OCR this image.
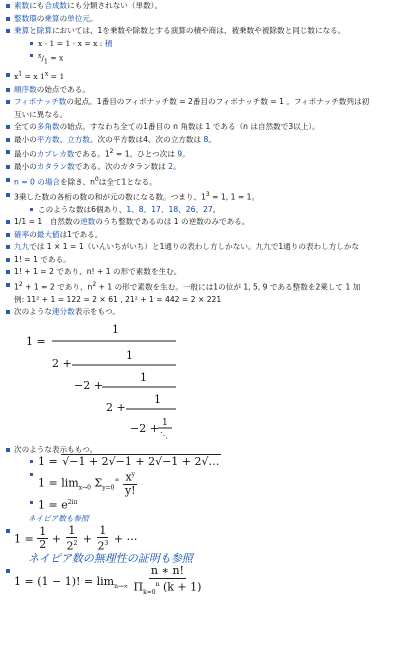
素数にも合成数にも分類されない（単数）。
整数環の乗算の単位元。
乗算と除算においては、1を乗数や除数とする演算の積や商は、被乗数や被除数と同じ数になる。
x · 1 = 1 · x = x : 積
$^x/_1 = x$
$x^1 = x$ $1^x = 1$
順序数の始点である。
フィボナッチ数の起点。1番目のフィボナッチ数 = 2番目のフィボナッチ数 = 1 。フィボナッチ数列は初
互いに異なる。
全ての多角数の始点。すなわち全ての1番目の n 角数は 1 である（n は自然数で3以上）。
最小の平方数、立方数。次の平方数は4、次の立方数は 8。
最小のカプレカ数である。$1^2 = 1$、ひとつ次は 9。
最小のカタラン数である。次のカタラン数は 2。
n = 0 の場合を除き、$n^0$は全て1となる。
3乗した数の各桁の数の和が元の数になる数。つまり、$1^3 = 1$, 1 = 1。
このような数は6個あり、1、8、17、18、26、27。
1/1 = 1　自然数の逆数のうち整数であるのは 1 の逆数のみである。
確率の最大値は1である。
九九では 1 × 1 = 1（いんいちがいち）と1通りの表わし方しかない。九九で1通りの表わし方しかな
1! = 1 である。
1! + 1 = 2 であり、n! + 1 の形で素数を生む。
$1^2 + 1 = 2$ であり、$n^2 + 1$ の形で素数を生む。一般には1の位が 1, 5, 9 である整数を2乗して 1 加
例: 11² + 1 = 122 = 2 × 61 , 21² + 1 = 442 = 2 × 221
次のような連分数表示をもつ。
1 =
1
2 +
1
−2 +
1
2 +
1
−2 + 1
⋱
次のような表示ももつ。
1 = √−1 + 2√−1 + 2√−1 + 2√…
$1 = \lim_{x\to 0} \Sigma_{y=0}^\infty \frac{x^y}{y!}$
$1 = e^{2i\pi}$
ネイピア数も参照
$1 = \frac{1}{2} + \frac{1}{2^2} + \frac{1}{2^3}$ + ⋯
ネイピア数の無理性の証明も参照
1 = (1 − 1)! = $\lim_{n\to\infty} \frac{n ∗ n!}{\Pi_{k=0}^n (k + 1)}$
